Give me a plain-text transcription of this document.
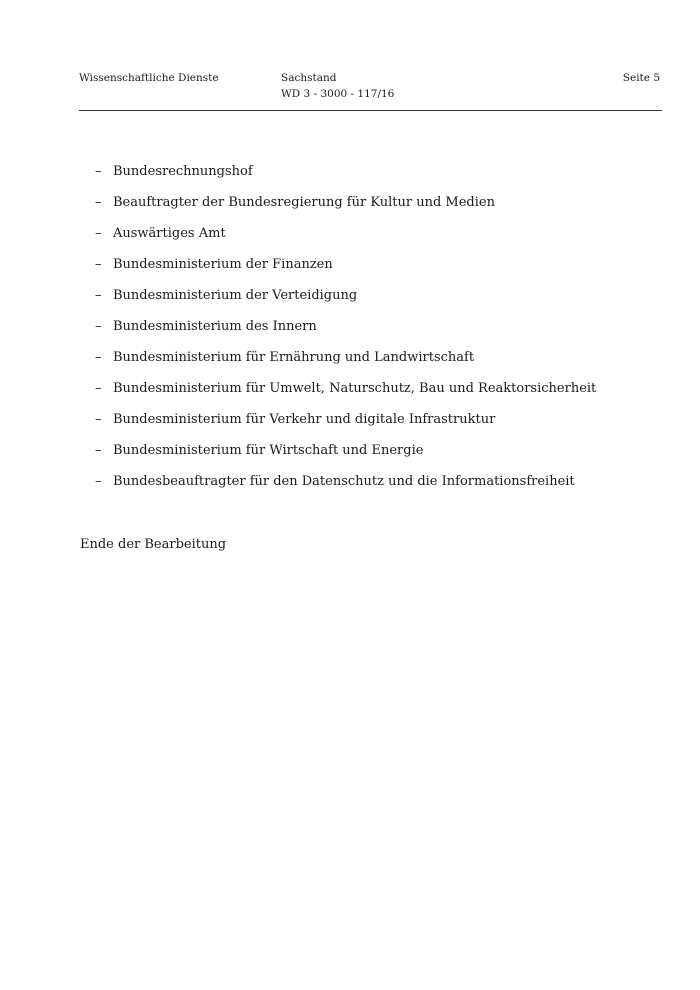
Wissenschaftliche Dienste	Sachstand
WD 3 - 3000 - 117/16
Seite 5
– Bundesrechnungshof
– Beauftragter der Bundesregierung für Kultur und Medien
– Auswärtiges Amt
– Bundesministerium der Finanzen
– Bundesministerium der Verteidigung
– Bundesministerium des Innern
– Bundesministerium für Ernährung und Landwirtschaft
– Bundesministerium für Umwelt, Naturschutz, Bau und Reaktorsicherheit
– Bundesministerium für Verkehr und digitale Infrastruktur
– Bundesministerium für Wirtschaft und Energie
– Bundesbeauftragter für den Datenschutz und die Informationsfreiheit
Ende der Bearbeitung
